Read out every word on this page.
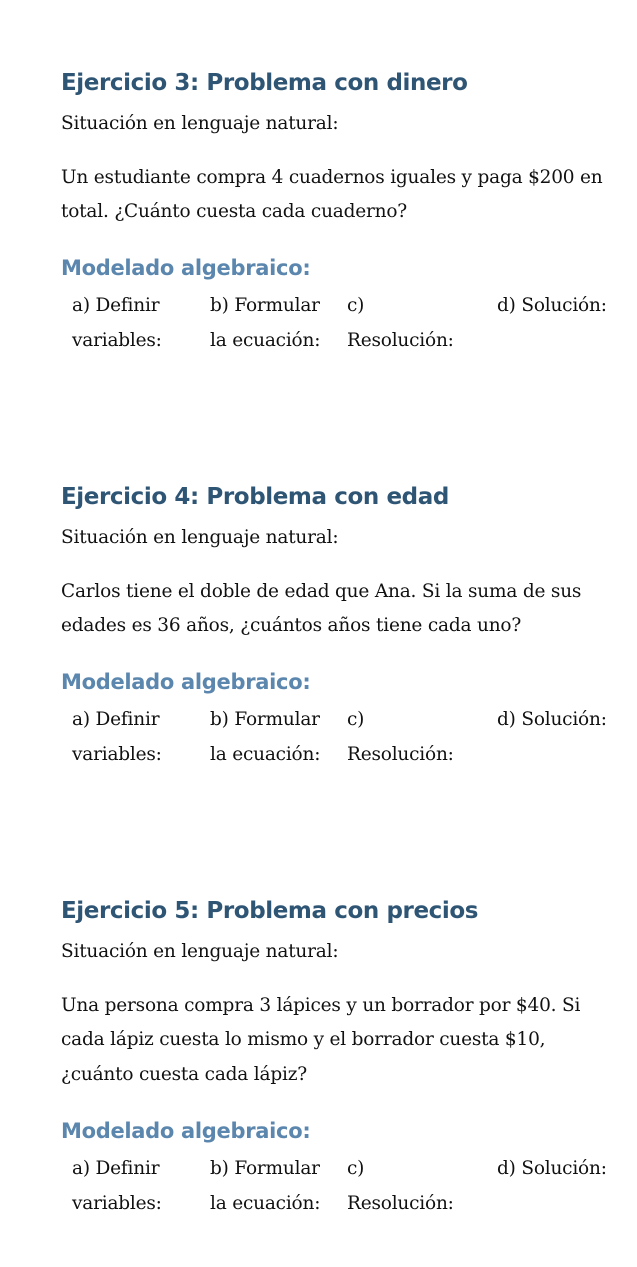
Ejercicio 3: Problema con dinero

Situación en lenguaje natural:

Un estudiante compra 4 cuadernos iguales y paga $200 en

total. ¿Cuánto cuesta cada cuaderno?

Modelado algebraico:
a) Definir
variables:
b) Formular
la ecuación:
c)
Resolución:
d) Solución:
Ejercicio 4: Problema con edad

Situación en lenguaje natural:

Carlos tiene el doble de edad que Ana. Si la suma de sus

edades es 36 años, ¿cuántos años tiene cada uno?

Modelado algebraico:
a) Definir
variables:
b) Formular
la ecuación:
c)
Resolución:
d) Solución:
Ejercicio 5: Problema con precios

Situación en lenguaje natural:

Una persona compra 3 lápices y un borrador por $40. Si

cada lápiz cuesta lo mismo y el borrador cuesta $10,

¿cuánto cuesta cada lápiz?

Modelado algebraico:
a) Definir
variables:
b) Formular
la ecuación:
c)
Resolución:
d) Solución:
